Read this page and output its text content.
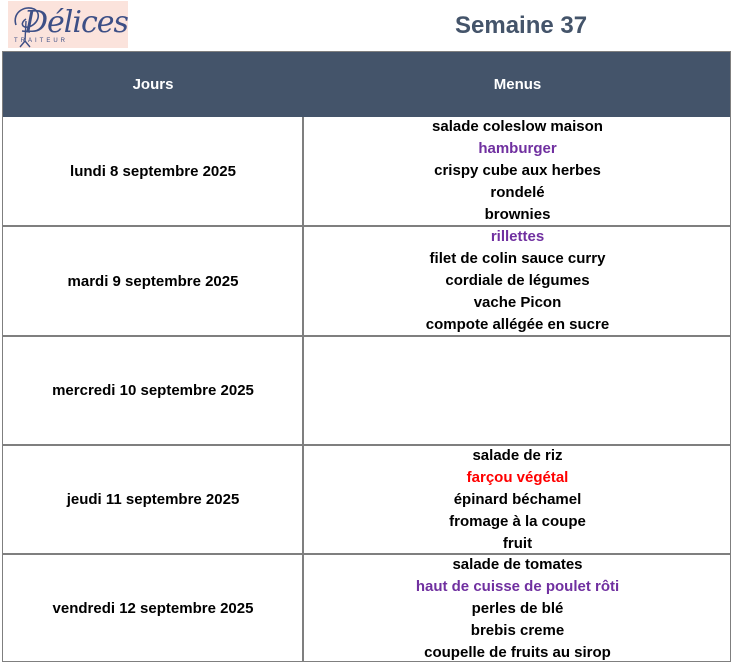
Délices
TRAITEUR
Semaine 37
Jours	Menus
lundi 8 septembre 2025
salade coleslow maison
hamburger
crispy cube aux herbes
rondelé
brownies
mardi 9 septembre 2025
rillettes
filet de colin sauce curry
cordiale de légumes
vache Picon
compote allégée en sucre
mercredi 10 septembre 2025
jeudi 11 septembre 2025
salade de riz
farçou végétal
épinard béchamel
fromage à la coupe
fruit
vendredi 12 septembre 2025
salade de tomates
haut de cuisse de poulet rôti
perles de blé
brebis creme
coupelle de fruits au sirop
